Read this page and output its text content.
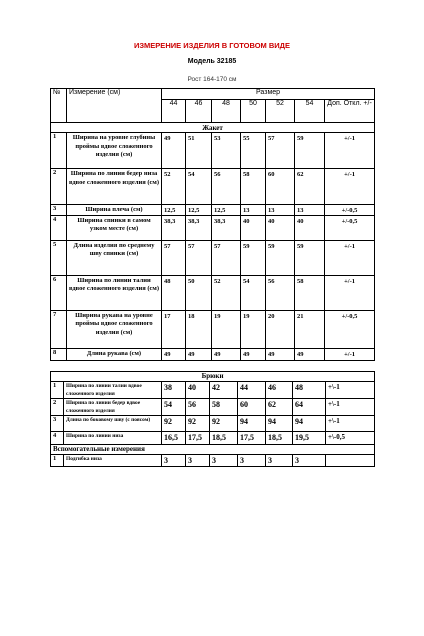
ИЗМЕРЕНИЕ ИЗДЕЛИЯ В ГОТОВОМ ВИДЕ
Модель 32185
Рост 164-170 см
№	Измерение (см)	Размер						
		44	46	48	50	52	54	Доп. Откл. +/-
Жакет								
1	Ширина на уровне глубины проймы вдвое сложенного изделия (см)	49	51	53	55	57	59	+/-1
2	Ширина по линии бедер низа вдвое сложенного изделия (см)	52	54	56	58	60	62	+/-1
3	Ширина плеча (см)	12,5	12,5	12,5	13	13	13	+/-0,5
4	Ширина спинки в самом узком месте (см)	38,3	38,3	38,3	40	40	40	+/-0,5
5	Длина изделия по среднему шву спинки (см)	57	57	57	59	59	59	+/-1
6	Ширина по линии талии вдвое сложенного изделия (см)	48	50	52	54	56	58	+/-1
7	Ширина рукава на уровне проймы вдвое сложенного изделия (см)	17	18	19	19	20	21	+/-0,5
8	Длина рукава (см)	49	49	49	49	49	49	+/-1
Брюки								
1	Ширина по линии талии вдвое сложенного изделия	38	40	42	44	46	48	+\-1
2	Ширина по линии бедер вдвое сложенного изделия	54	56	58	60	62	64	+\-1
3	Длина по боковому шву (с поясом)	92	92	92	94	94	94	+\-1
4	Ширина по линии низа	16,5	17,5	18,5	17,5	18,5	19,5	+\-0,5
Вспомогательные измерения								
1	Подгибка низа	3	3	3	3	3	3	
